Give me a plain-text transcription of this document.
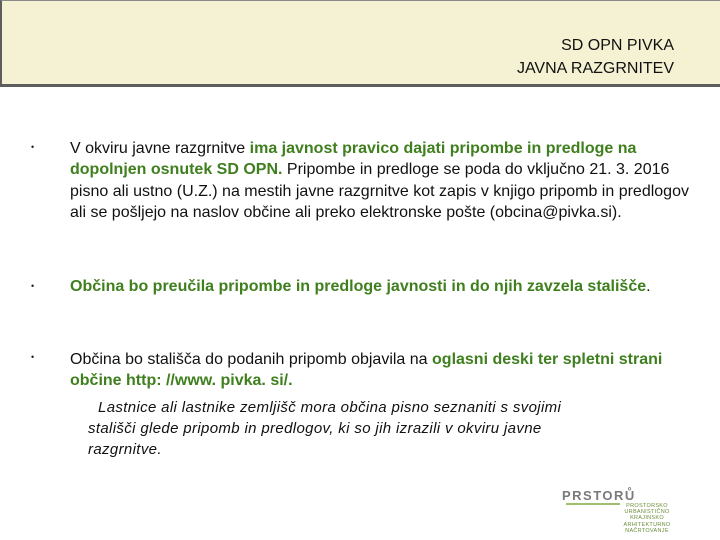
SD OPN PIVKA
JAVNA RAZGRNITEV
• V okviru javne razgrnitve ima javnost pravico dajati pripombe in predloge na dopolnjen osnutek SD OPN. Pripombe in predloge se poda do vključno 21. 3. 2016 pisno ali ustno (U.Z.) na mestih javne razgrnitve kot zapis v knjigo pripomb in predlogov ali se pošljejo na naslov občine ali preko elektronske pošte (obcina@pivka.si).
• Občina bo preučila pripombe in predloge javnosti in do njih zavzela stališče.
• Občina bo stališča do podanih pripomb objavila na oglasni deski ter spletni strani občine http: //www. pivka. si/.
Lastnice ali lastnike zemljišč mora občina pisno seznaniti s svojimi
stališči glede pripomb in predlogov, ki so jih izrazili v okviru javne
razgrnitve.
PRSTORŮ
PROSTORSKO
URBANISTIČNO
KRAJINSKO
ARHITEKTURNO
NAČRTOVANJE
